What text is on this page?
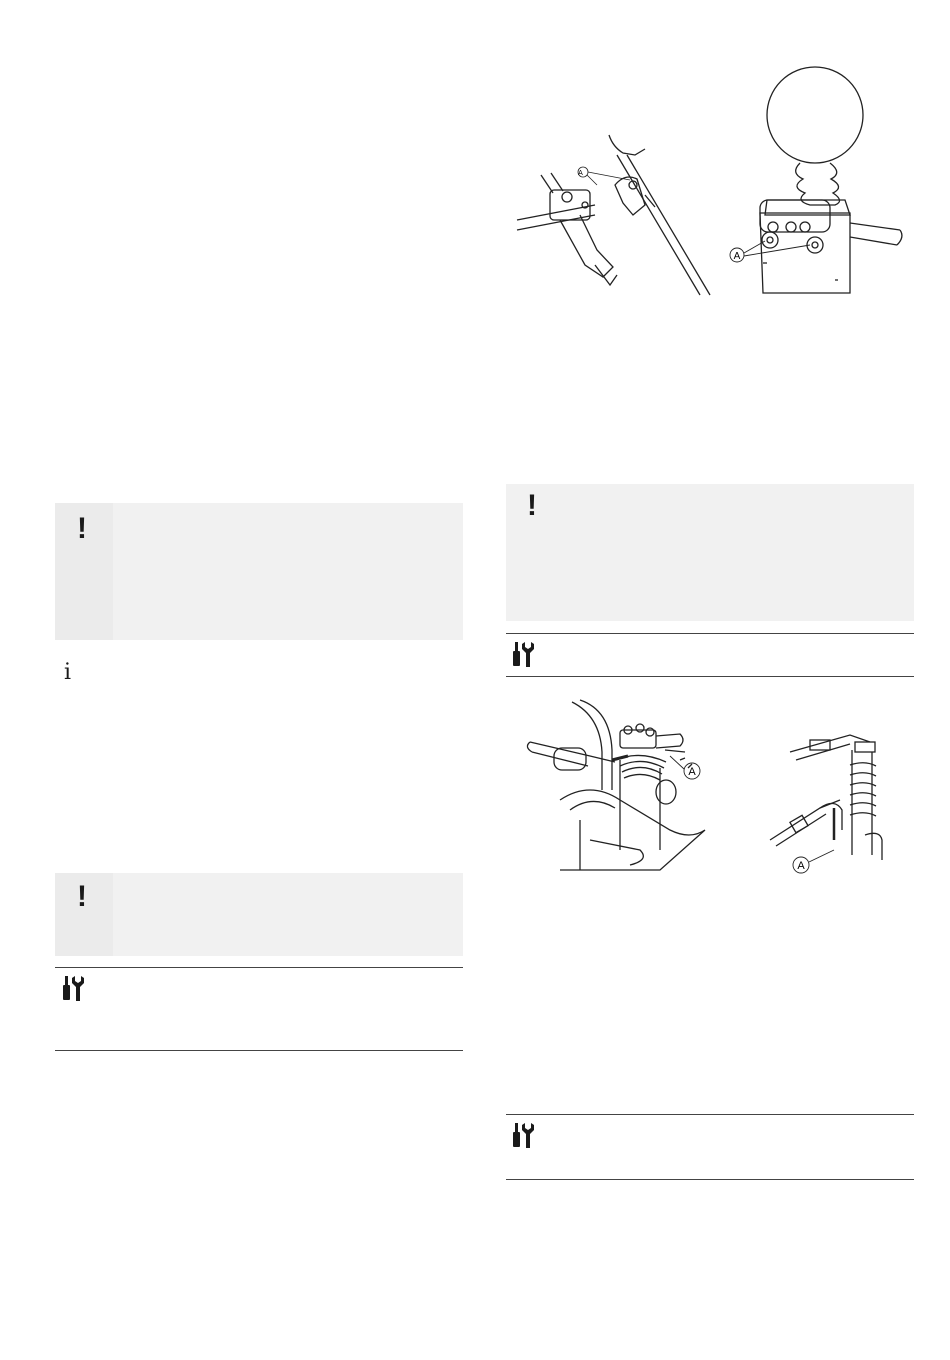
A
A
!
i
!
!
A
A
